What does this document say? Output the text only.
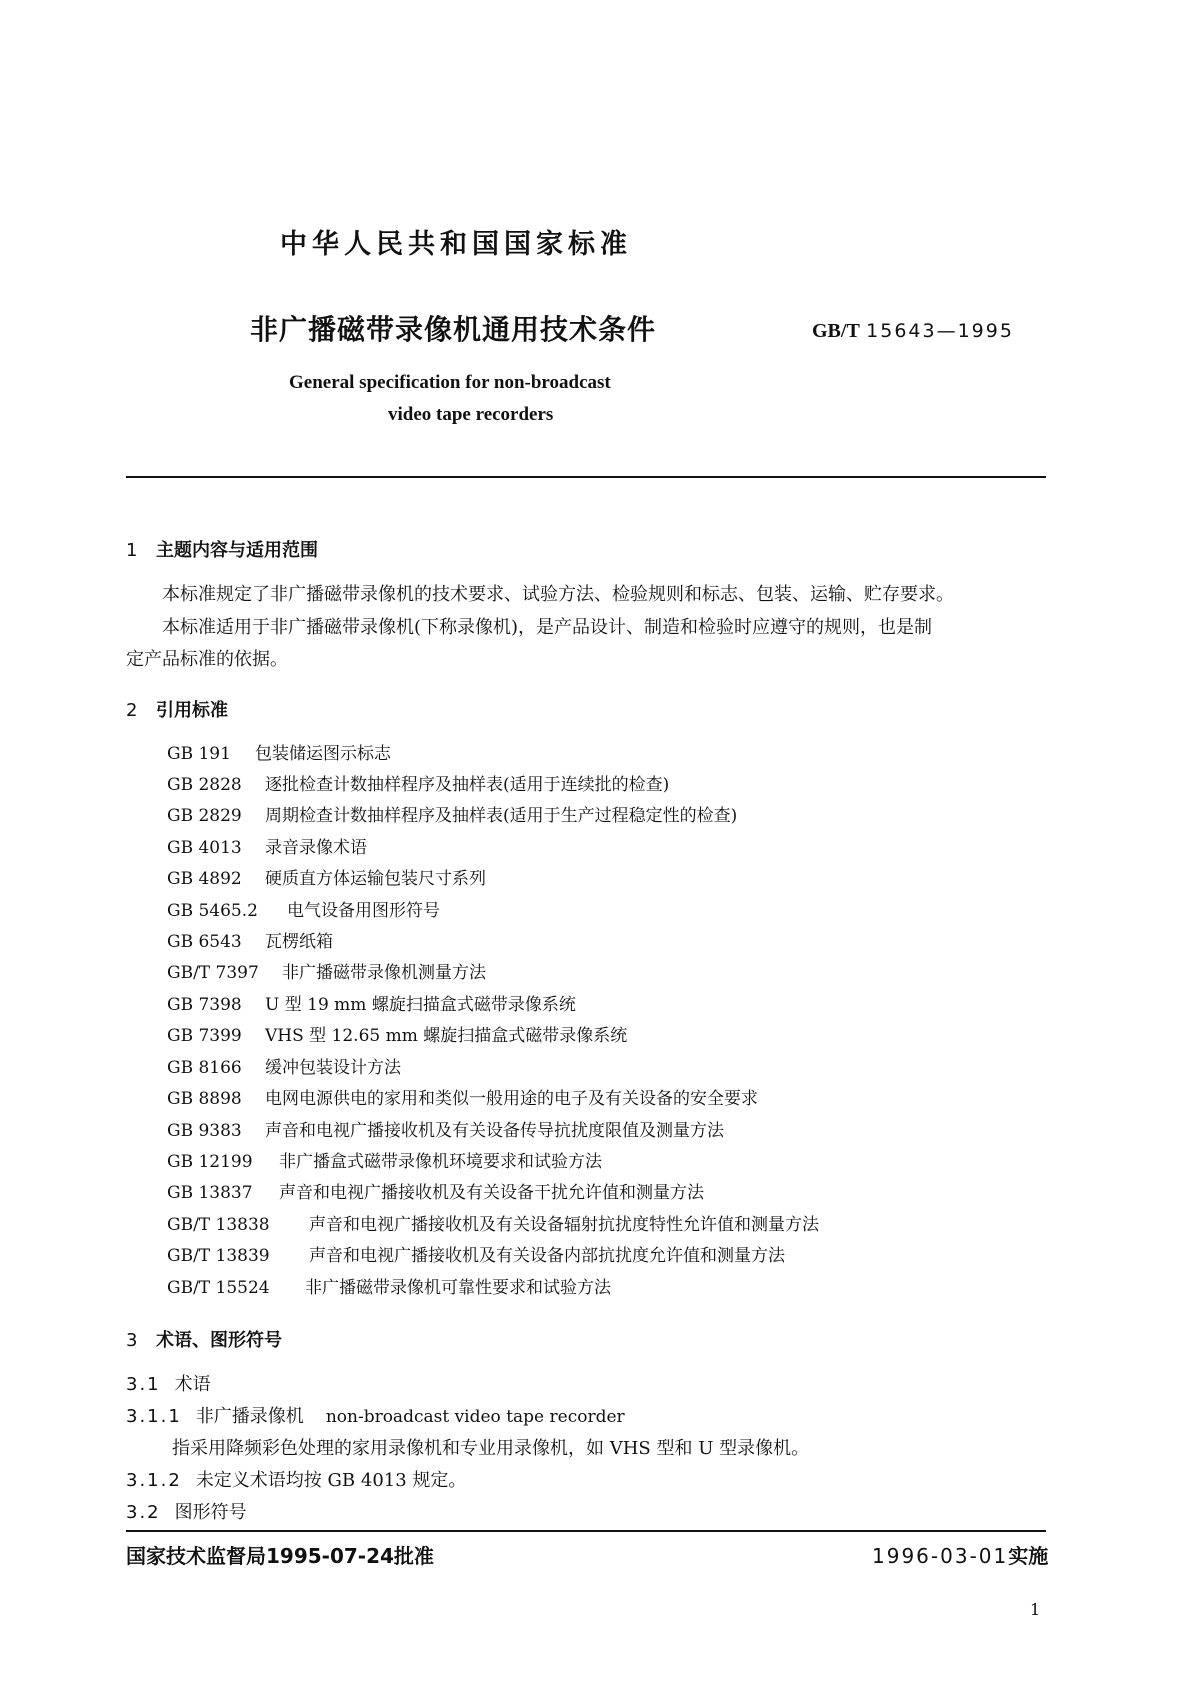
中华人民共和国国家标准
非广播磁带录像机通用技术条件	GB/T 15643—1995
General specification for non-broadcast
video tape recorders
1 主题内容与适用范围
本标准规定了非广播磁带录像机的技术要求、试验方法、检验规则和标志、包装、运输、贮存要求。
本标准适用于非广播磁带录像机(下称录像机)，是产品设计、制造和检验时应遵守的规则，也是制
定产品标准的依据。
2 引用标准
GB 191 包装储运图示标志
GB 2828 逐批检查计数抽样程序及抽样表(适用于连续批的检查)
GB 2829 周期检查计数抽样程序及抽样表(适用于生产过程稳定性的检查)
GB 4013 录音录像术语
GB 4892 硬质直方体运输包装尺寸系列
GB 5465.2 电气设备用图形符号
GB 6543 瓦楞纸箱
GB/T 7397 非广播磁带录像机测量方法
GB 7398 U 型 19 mm 螺旋扫描盒式磁带录像系统
GB 7399 VHS 型 12.65 mm 螺旋扫描盒式磁带录像系统
GB 8166 缓冲包装设计方法
GB 8898 电网电源供电的家用和类似一般用途的电子及有关设备的安全要求
GB 9383 声音和电视广播接收机及有关设备传导抗扰度限值及测量方法
GB 12199 非广播盒式磁带录像机环境要求和试验方法
GB 13837 声音和电视广播接收机及有关设备干扰允许值和测量方法
GB/T 13838 声音和电视广播接收机及有关设备辐射抗扰度特性允许值和测量方法
GB/T 13839 声音和电视广播接收机及有关设备内部抗扰度允许值和测量方法
GB/T 15524 非广播磁带录像机可靠性要求和试验方法
3 术语、图形符号
3.1 术语
3.1.1 非广播录像机 non-broadcast video tape recorder
指采用降频彩色处理的家用录像机和专业用录像机，如 VHS 型和 U 型录像机。
3.1.2 未定义术语均按 GB 4013 规定。
3.2 图形符号
国家技术监督局1995-07-24批准	1996-03-01实施
1
